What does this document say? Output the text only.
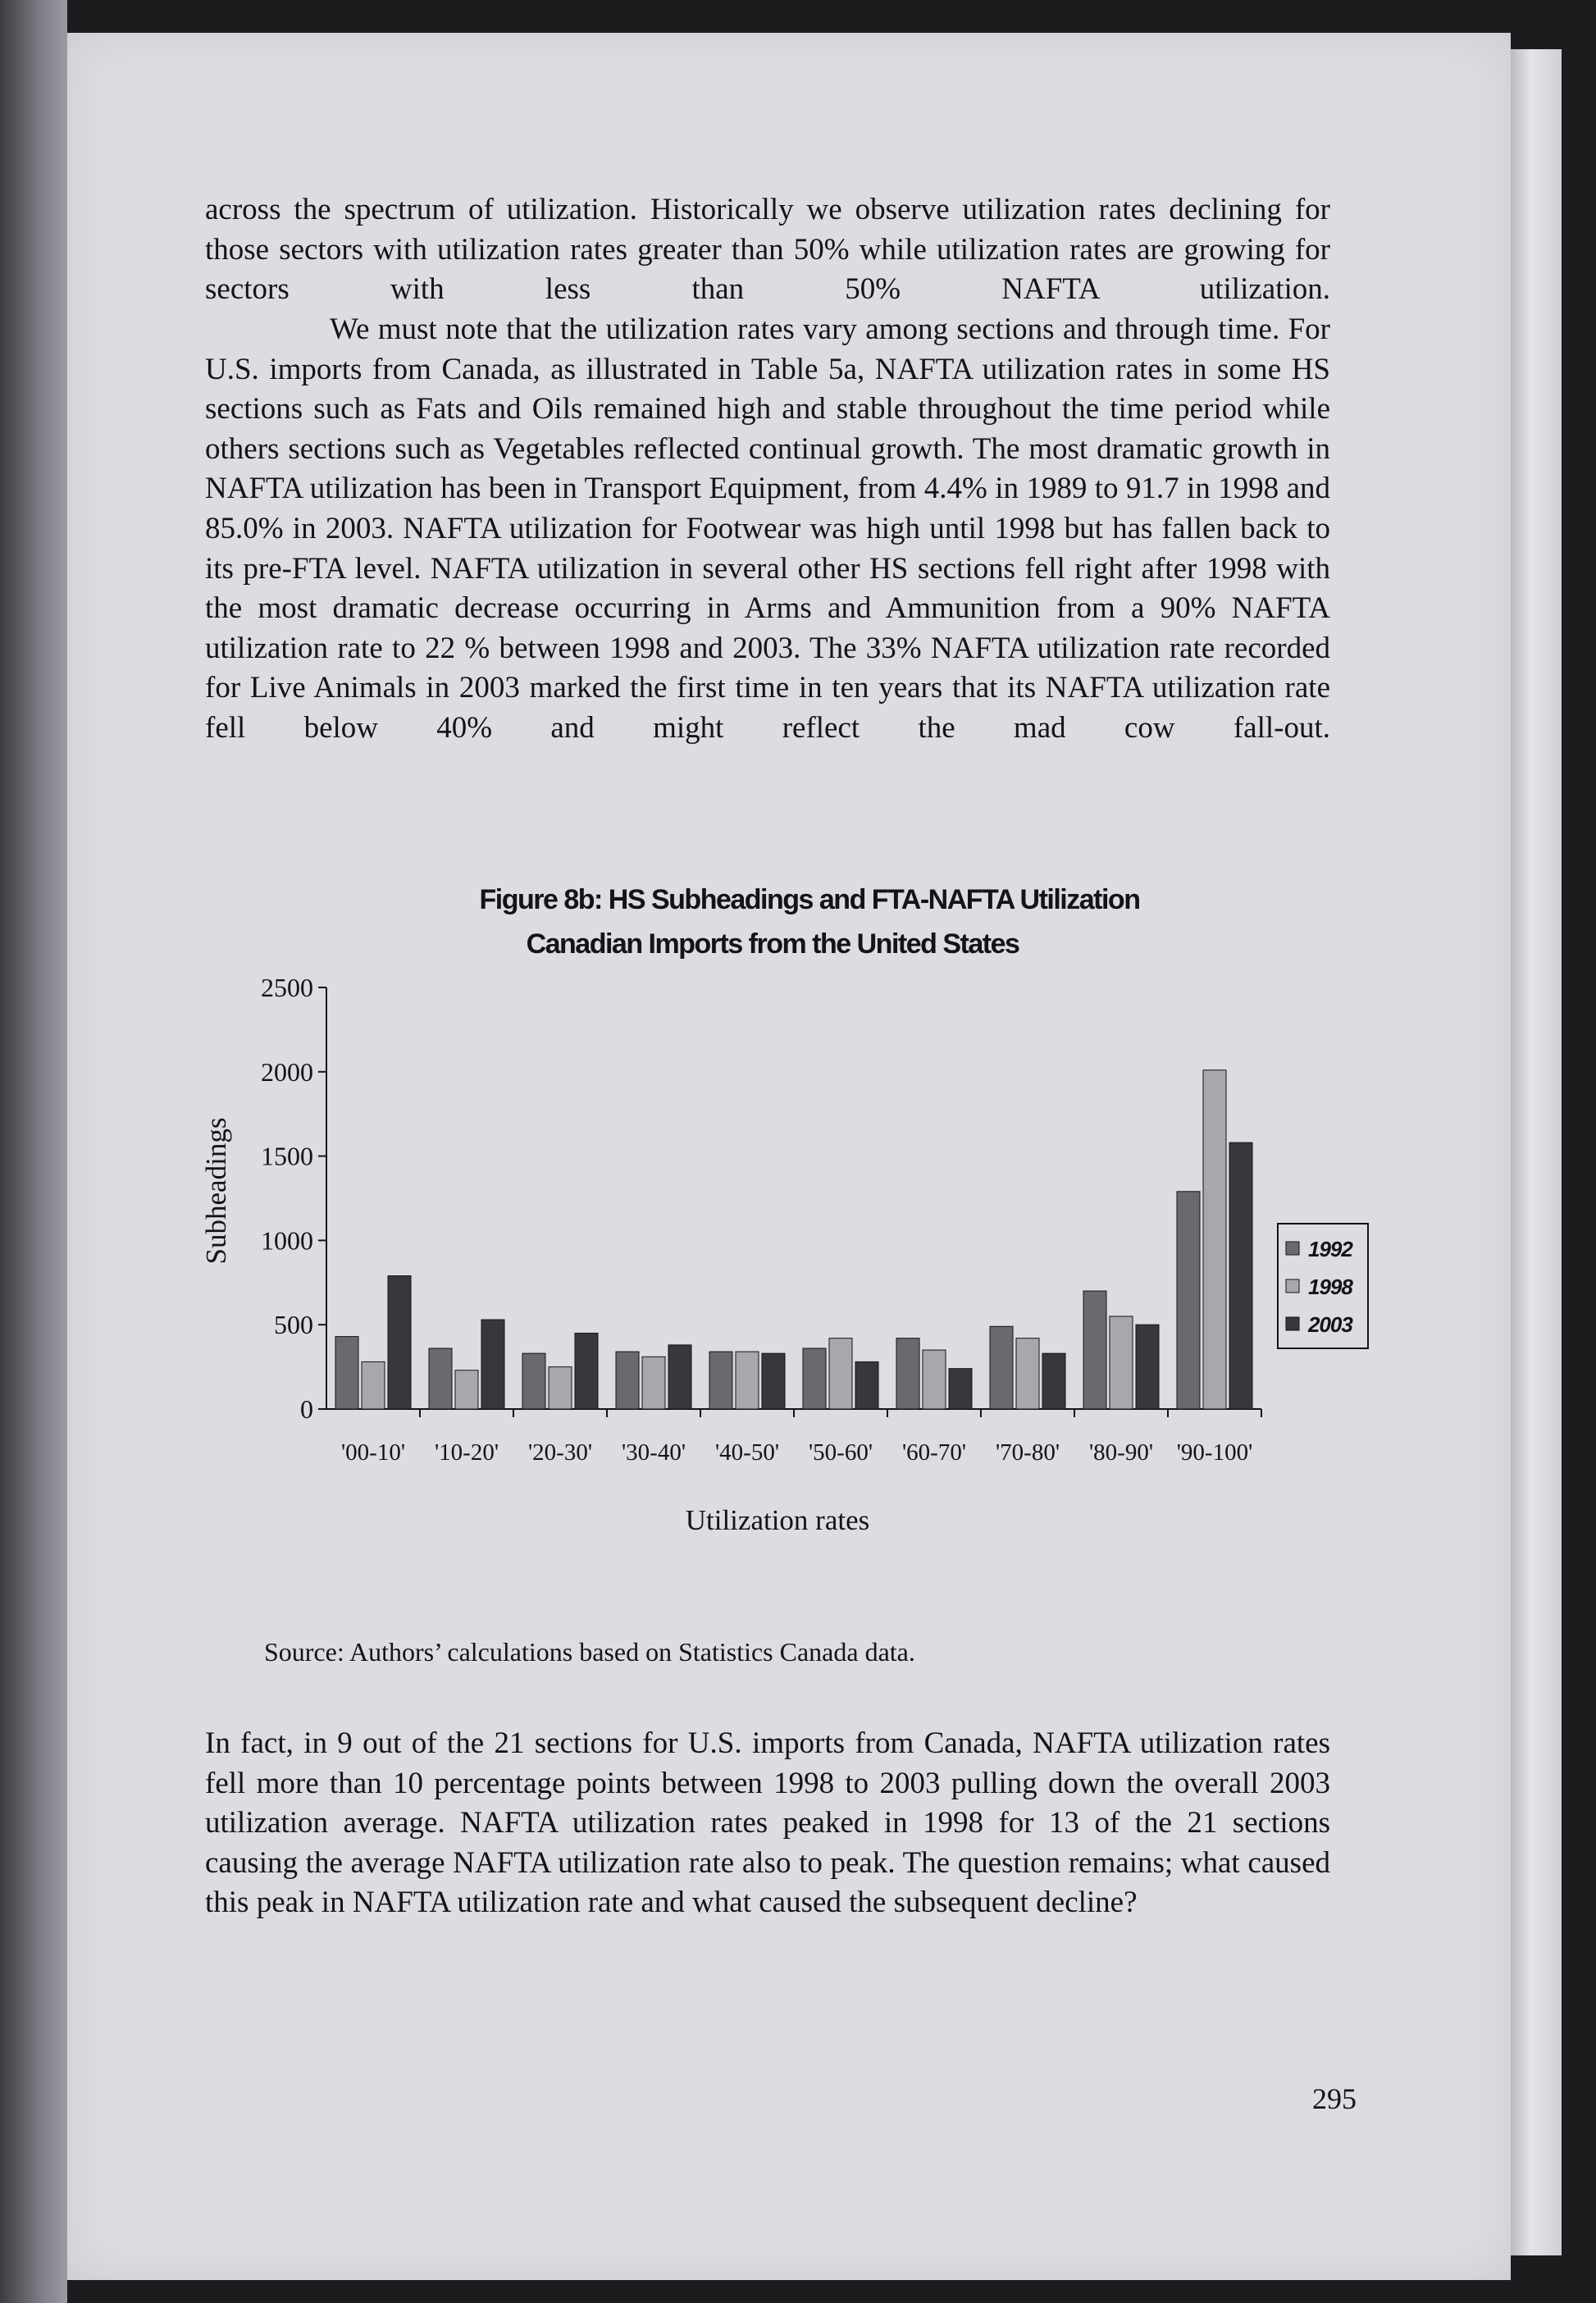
across the spectrum of utilization. Historically we observe utilization rates declining for those sectors with utilization rates greater than 50% while utilization rates are growing for sectors with less than 50% NAFTA utilization.

We must note that the utilization rates vary among sections and through time. For U.S. imports from Canada, as illustrated in Table 5a, NAFTA utilization rates in some HS sections such as Fats and Oils remained high and stable throughout the time period while others sections such as Vegetables reflected continual growth. The most dramatic growth in NAFTA utilization has been in Transport Equipment, from 4.4% in 1989 to 91.7 in 1998 and 85.0% in 2003. NAFTA utilization for Footwear was high until 1998 but has fallen back to its pre-FTA level. NAFTA utilization in several other HS sections fell right after 1998 with the most dramatic decrease occurring in Arms and Ammunition from a 90% NAFTA utilization rate to 22 % between 1998 and 2003. The 33% NAFTA utilization rate recorded for Live Animals in 2003 marked the first time in ten years that its NAFTA utilization rate fell below 40% and might reflect the mad cow fall-out.

Figure 8b: HS Subheadings and FTA-NAFTA Utilization
Canadian Imports from the United States
Subheadings
Utilization rates
0
500
1000
1500
2000
2500
'00-10' '10-20' '20-30' '30-40' '40-50' '50-60' '60-70' '70-80' '80-90' '90-100'
1992
1998
2003

Source: Authors’ calculations based on Statistics Canada data.

In fact, in 9 out of the 21 sections for U.S. imports from Canada, NAFTA utilization rates fell more than 10 percentage points between 1998 to 2003 pulling down the overall 2003 utilization average. NAFTA utilization rates peaked in 1998 for 13 of the 21 sections causing the average NAFTA utilization rate also to peak. The question remains; what caused this peak in NAFTA utilization rate and what caused the subsequent decline?

295
